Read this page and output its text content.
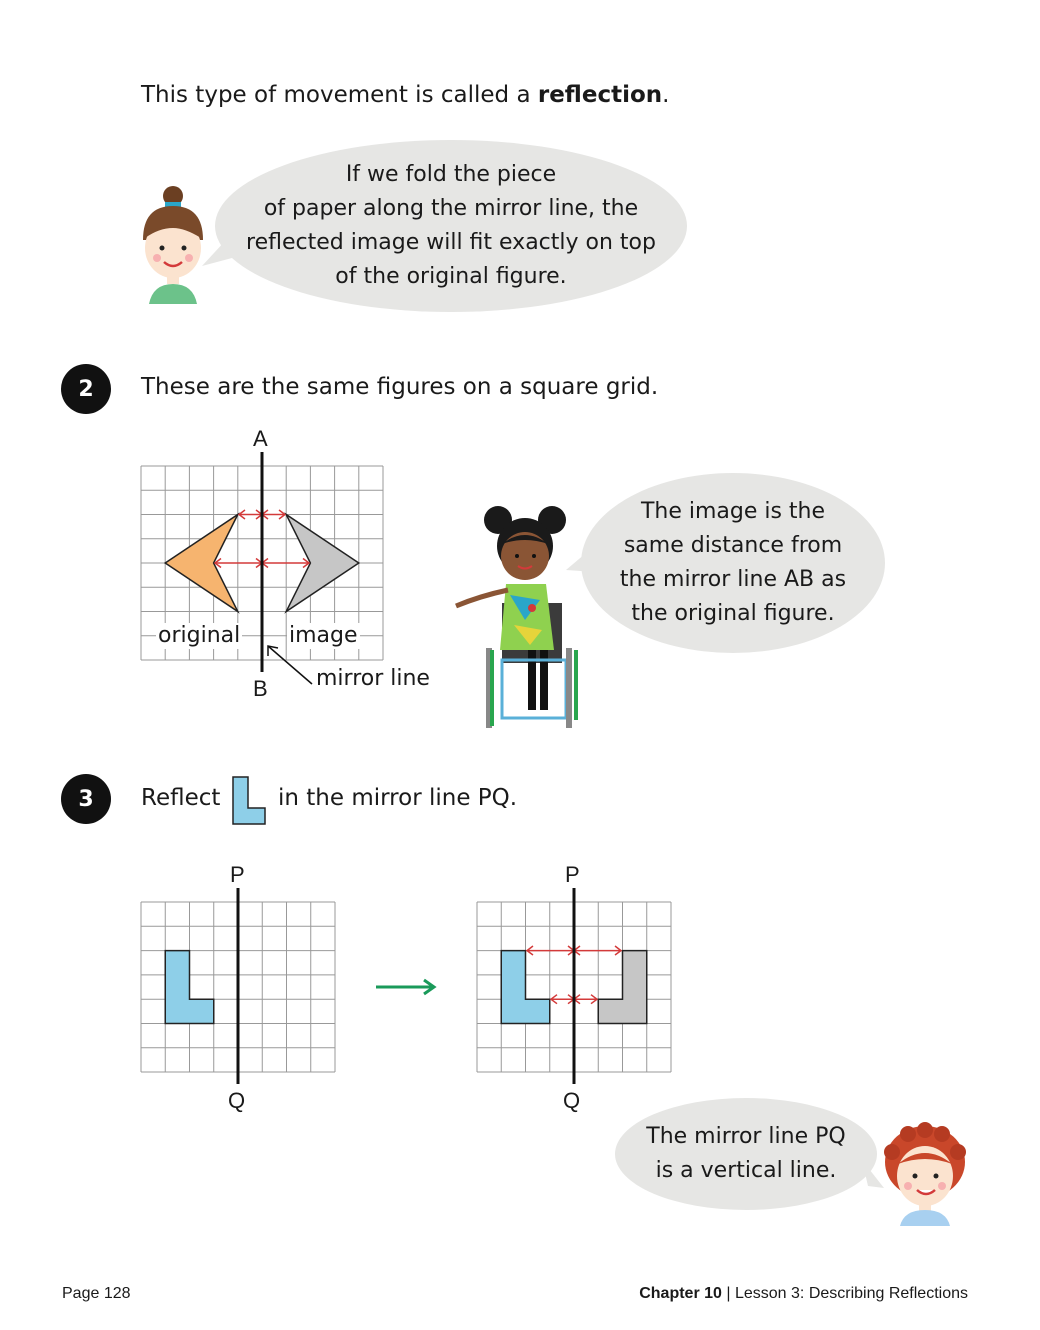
This type of movement is called a reflection.
If we fold the piece
of paper along the mirror line, the
reflected image will fit exactly on top
of the original figure.
2	These are the same figures on a square grid.
A
original image
B mirror line
The image is the
same distance from
the mirror line AB as
the original figure.
3	Reflect	in the mirror line PQ.
P
Q
P
Q
The mirror line PQ
is a vertical line.
Page 128	Chapter 10 | Lesson 3: Describing Reflections
